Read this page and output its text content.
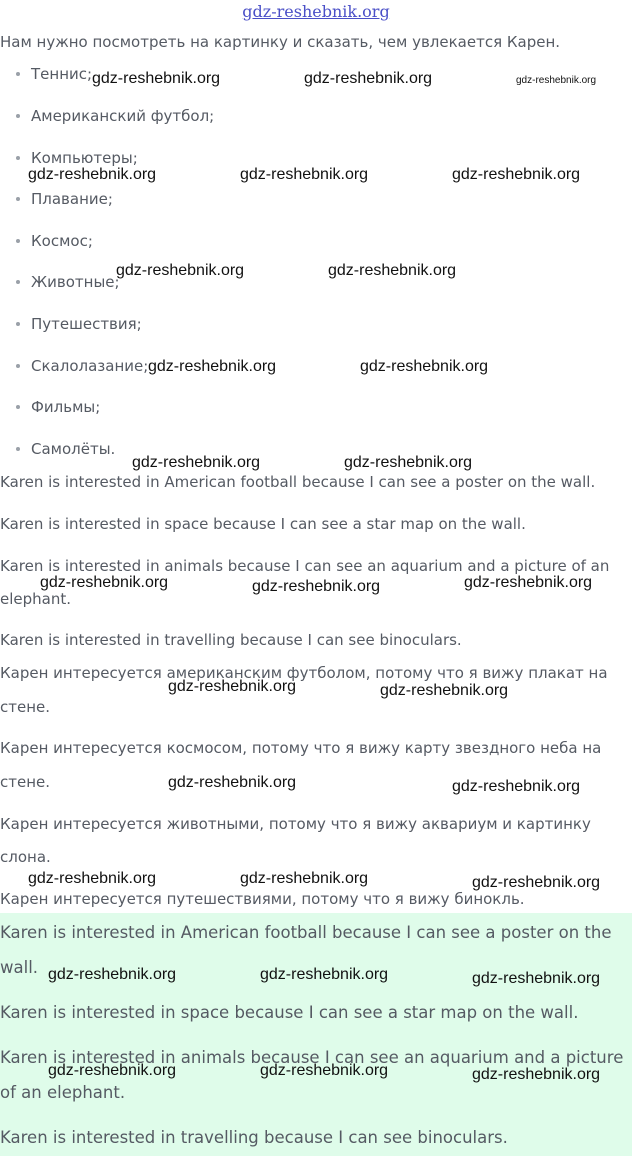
gdz-reshebnik.org
Нам нужно посмотреть на картинку и сказать, чем увлекается Карен.
Теннис;
Американский футбол;
Компьютеры;
Плавание;
Космос;
Животные;
Путешествия;
Скалолазание;
Фильмы;
Самолёты.
Karen is interested in American football because I can see a poster on the wall.
Karen is interested in space because I can see a star map on the wall.
Karen is interested in animals because I can see an aquarium and a picture of an
elephant.
Karen is interested in travelling because I can see binoculars.
Карен интересуется американским футболом, потому что я вижу плакат на
стене.
Карен интересуется космосом, потому что я вижу карту звездного неба на
стене.
Карен интересуется животными, потому что я вижу аквариум и картинку
слона.
Карен интересуется путешествиями, потому что я вижу бинокль.
Karen is interested in American football because I can see a poster on the
wall.
Karen is interested in space because I can see a star map on the wall.
Karen is interested in animals because I can see an aquarium and a picture
of an elephant.
Karen is interested in travelling because I can see binoculars.
gdz-reshebnik.org	gdz-reshebnik.org	gdz-reshebnik.org
gdz-reshebnik.org	gdz-reshebnik.org	gdz-reshebnik.org
gdz-reshebnik.org	gdz-reshebnik.org
gdz-reshebnik.org	gdz-reshebnik.org
gdz-reshebnik.org	gdz-reshebnik.org
gdz-reshebnik.org	gdz-reshebnik.org	gdz-reshebnik.org
gdz-reshebnik.org	gdz-reshebnik.org
gdz-reshebnik.org	gdz-reshebnik.org
gdz-reshebnik.org	gdz-reshebnik.org	gdz-reshebnik.org
gdz-reshebnik.org	gdz-reshebnik.org	gdz-reshebnik.org
gdz-reshebnik.org	gdz-reshebnik.org	gdz-reshebnik.org
